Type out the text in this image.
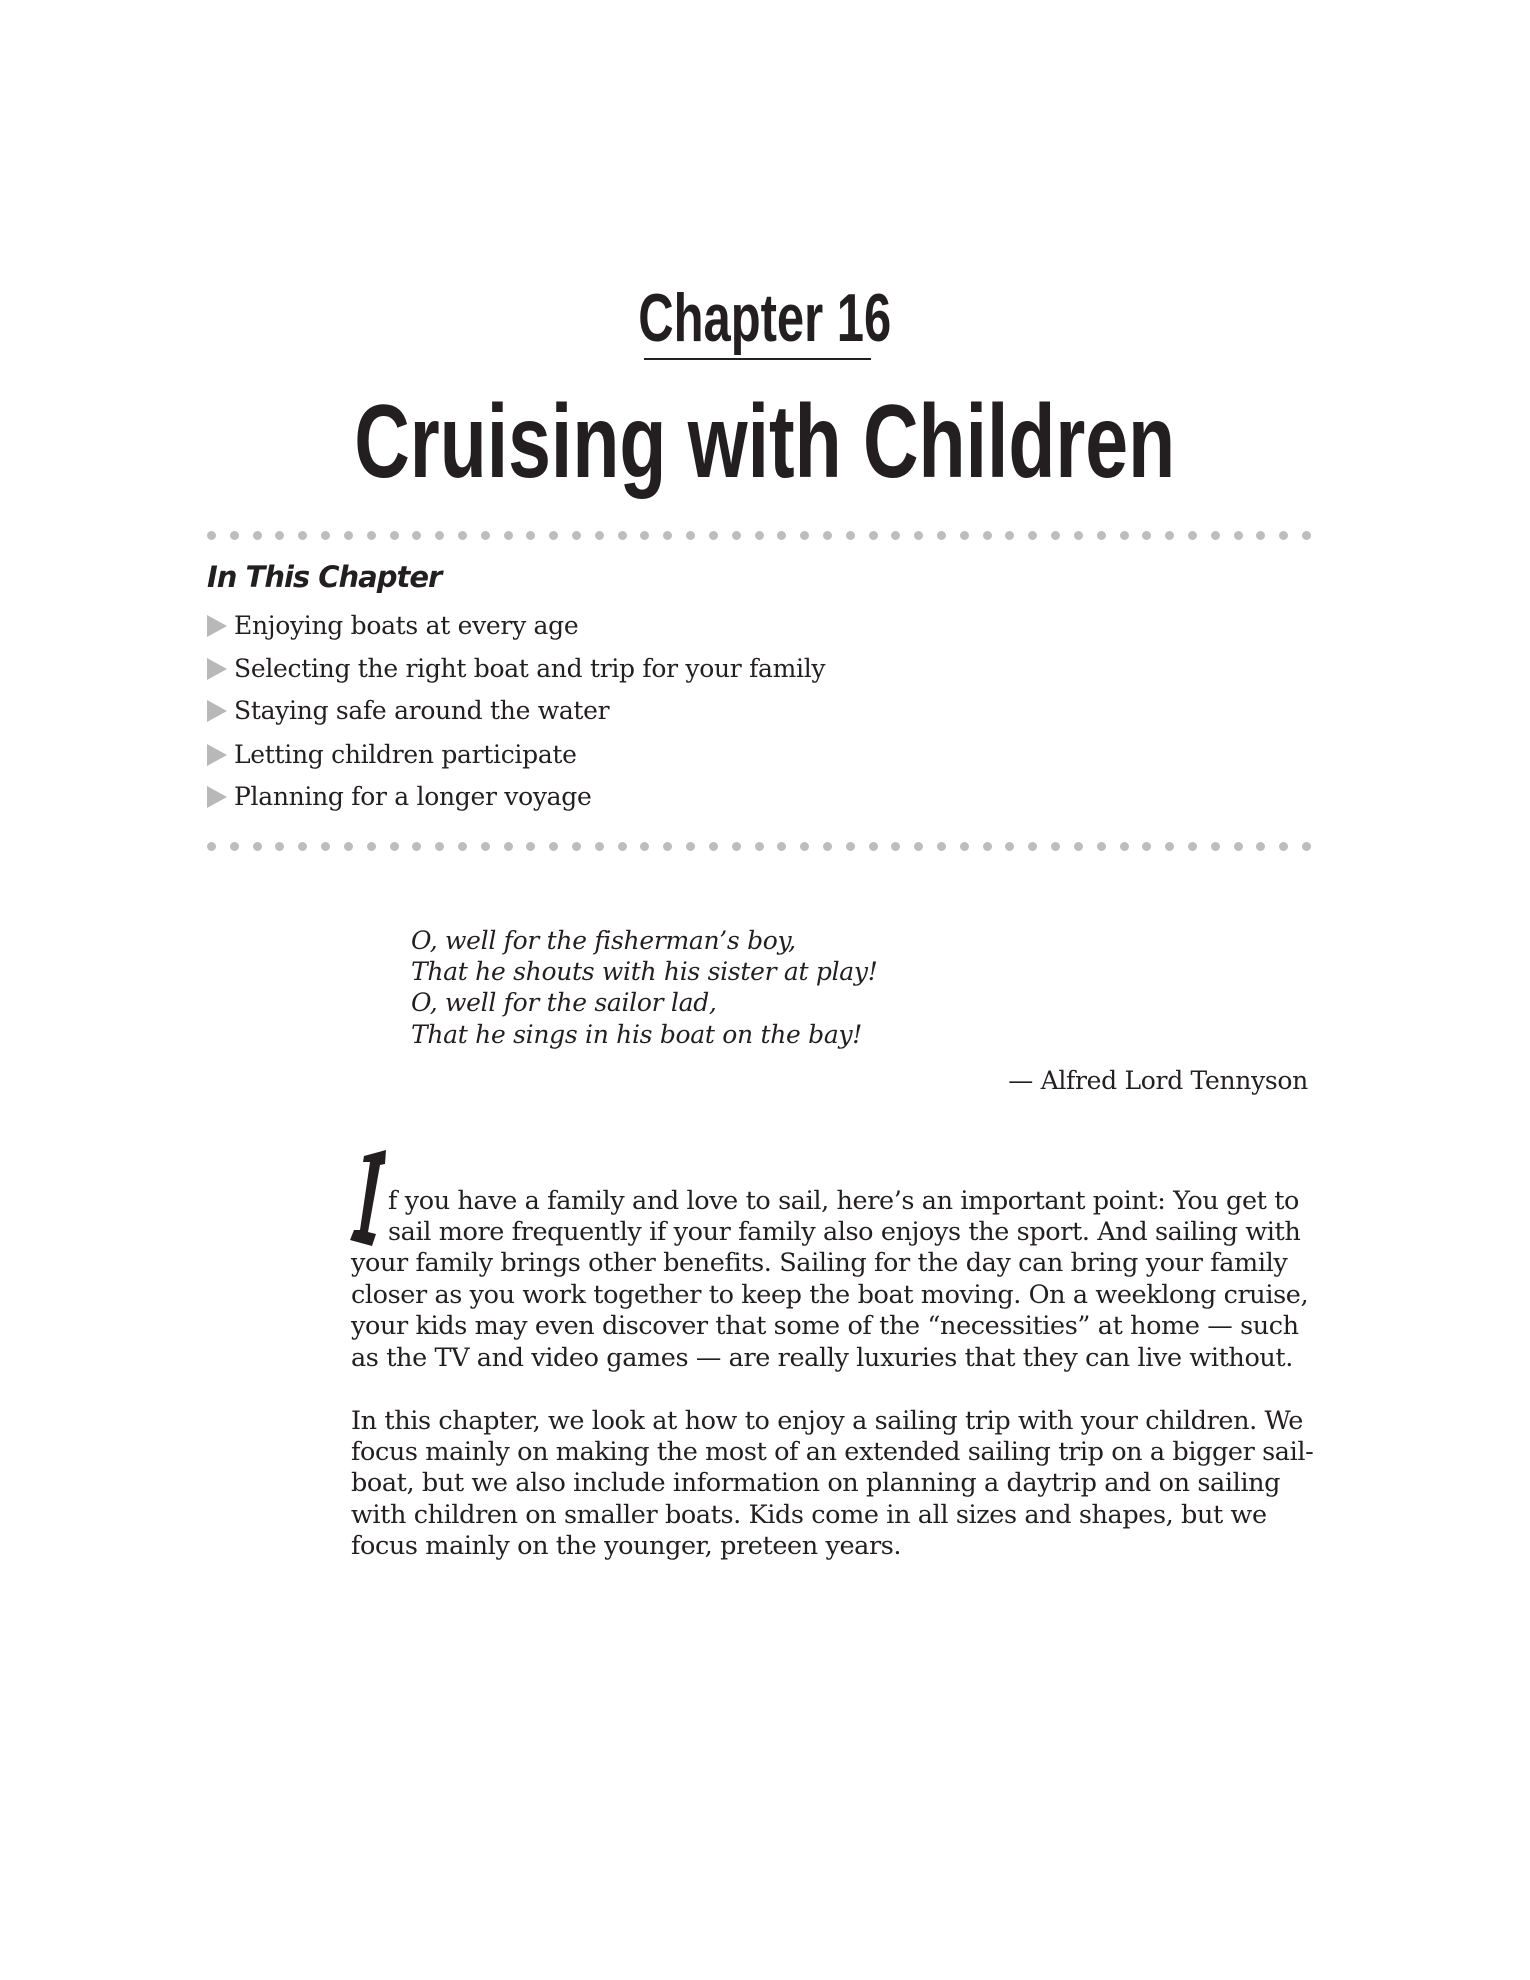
Chapter 16
Cruising with Children
In This Chapter
Enjoying boats at every age
Selecting the right boat and trip for your family
Staying safe around the water
Letting children participate
Planning for a longer voyage
O, well for the fisherman’s boy,
That he shouts with his sister at play!
O, well for the sailor lad,
That he sings in his boat on the bay!
— Alfred Lord Tennyson
f you have a family and love to sail, here’s an important point: You get to
sail more frequently if your family also enjoys the sport. And sailing with
your family brings other benefits. Sailing for the day can bring your family
closer as you work together to keep the boat moving. On a weeklong cruise,
your kids may even discover that some of the “necessities” at home — such
as the TV and video games — are really luxuries that they can live without.
In this chapter, we look at how to enjoy a sailing trip with your children. We
focus mainly on making the most of an extended sailing trip on a bigger sail-
boat, but we also include information on planning a daytrip and on sailing
with children on smaller boats. Kids come in all sizes and shapes, but we
focus mainly on the younger, preteen years.
